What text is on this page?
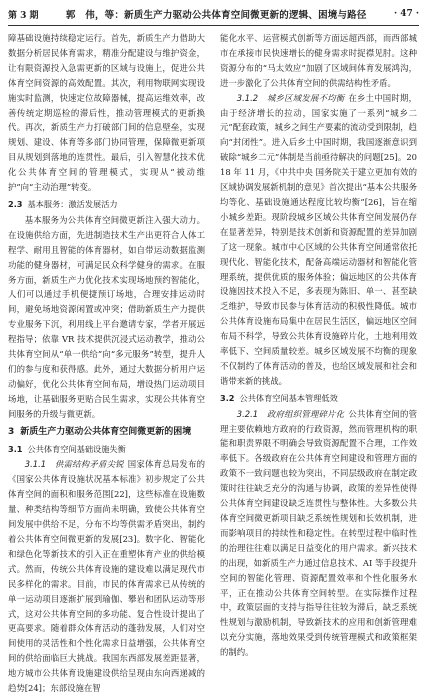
第 3 期	郭　伟，等：新质生产力驱动公共体育空间微更新的逻辑、困境与路径	· 47 ·

障基础设施持续稳定运行。首先，新质生产力借助大数据分析居民体育需求，精准分配建设与维护资金，让有限资源投入急需更新的区域与设施上，促进公共体育空间资源的高效配置。其次，利用物联网实现设施实时监测，快速定位故障器械，提高运维效率，改善传统定期巡检的滞后性，推动管理模式的更新换代。再次，新质生产力打破部门间的信息壁垒，实现规划、建设、体育等多部门协同管理，保障微更新项目从规划到落地的连贯性。最后，引入智慧化技术优化公共体育空间的管理模式，实现从“被动维护”向“主动治理”转变。

2.3 基本服务：激活发展活力

基本服务为公共体育空间微更新注入强大动力。在设施供给方面，先进制造技术生产出更符合人体工程学、耐用且智能的体育器材，如自带运动数据监测功能的健身器材，可满足民众科学健身的需求。在服务方面，新质生产力优化技术实现场地预约智能化，人们可以通过手机便捷预订场地，合理安排运动时间，避免场地资源闲置或冲突；借助新质生产力提供专业服务下沉，利用线上平台邀请专家，学者开展远程指导；依靠 VR 技术提供沉浸式运动教学，推动公共体育空间从“单一供给”向“多元服务”转型，提升人们的参与度和获得感。此外，通过大数据分析用户运动偏好，优化公共体育空间布局，增设热门运动项目场地，让基础服务更贴合民生需求，实现公共体育空间服务的升级与微更新。

3 新质生产力驱动公共体育空间微更新的困境
3.1 公共体育空间基础设施失衡

3.1.1　供需结构矛盾尖锐 国家体育总局发布的《国家公共体育设施状况基本标准》初步规定了公共体育空间的面积和服务范围[22]，这些标准在设施数量、种类结构等细节方面尚未明确，致使公共体育空间发展中供给不足，分布不均等供需矛盾突出，制约着公共体育空间微更新的发展[23]。数字化、智能化和绿色化等新技术的引入正在重塑体育产业的供给模式。然而，传统公共体育设施的建设难以满足现代市民多样化的需求。目前，市民的体育需求已从传统的单一运动项目逐渐扩展到瑜伽、攀岩和团队运动等形式，这对公共体育空间的多功能、复合性设计提出了更高要求。随着群众体育活动的蓬勃发展，人们对空间使用的灵活性和个性化需求日益增强，公共体育空间的供给面临巨大挑战。我国东西部发展差距显著，地方城市公共体育设施建设供给呈现由东向西递减的趋势[24]；东部设施在智

能化水平、运营模式创新等方面远超西部，而西部城市在承接市民快速增长的健身需求时捉襟见肘。这种资源分布的“马太效应”加剧了区域间体育发展鸿沟，进一步激化了公共体育空间的供需结构性矛盾。

3.1.2　城乡区域发展不均衡 在乡土中国时期，由于经济增长的拉动，国家实施了一系列“城乡二元”配套政策，城乡之间生产要素的流动受到限制，趋向“封闭性”。进入后乡土中国时期，我国逐渐意识到破除“城乡二元”体制是当前亟待解决的问题[25]。2018 年 11 月，《中共中央 国务院关于建立更加有效的区域协调发展新机制的意见》首次提出“基本公共服务均等化、基础设施通达程度比较均衡”[26]，旨在缩小城乡差距。现阶段城乡区域公共体育空间发展仍存在显著差异，特别是技术创新和资源配置的差异加剧了这一现象。城市中心区域的公共体育空间通常依托现代化、智能化技术，配备高端运动器材和智能化管理系统，提供优质的服务体验；偏远地区的公共体育设施因技术投入不足，多表现为陈旧、单一、甚至缺乏维护，导致市民参与体育活动的积极性降低。城市公共体育设施布局集中在居民生活区，偏远地区空间布局不科学，导致公共体育设施碎片化，土地利用效率低下、空间质量较差。城乡区域发展不均衡的现象不仅制约了体育活动的普及，也给区域发展和社会和谐带来新的挑战。

3.2 公共体育空间基本管理低效

3.2.1　政府组织管理碎片化 公共体育空间的管理主要依赖地方政府的行政资源，然而管理机构的职能和职责界限不明确会导致资源配置不合理，工作效率低下。各级政府在公共体育空间建设和管理方面的政策不一致问题也较为突出，不同层级政府在制定政策时往往缺乏充分的沟通与协调，政策的差异性使得公共体育空间建设缺乏连贯性与整体性。大多数公共体育空间微更新项目缺乏系统性规划和长效机制，进而影响项目的持续性和稳定性。在转型过程中临时性的治理往往难以满足日益变化的用户需求。新兴技术的出现，如新质生产力通过信息技术、AI 等手段提升空间的智能化管理、资源配置效率和个性化服务水平，正在推动公共体育空间转型。在实际操作过程中，政策层面的支持与指导往往较为滞后，缺乏系统性规划与激励机制，导致新技术的应用和创新管理难以充分实施，落地效果受到传统管理模式和政策框架的制约。
